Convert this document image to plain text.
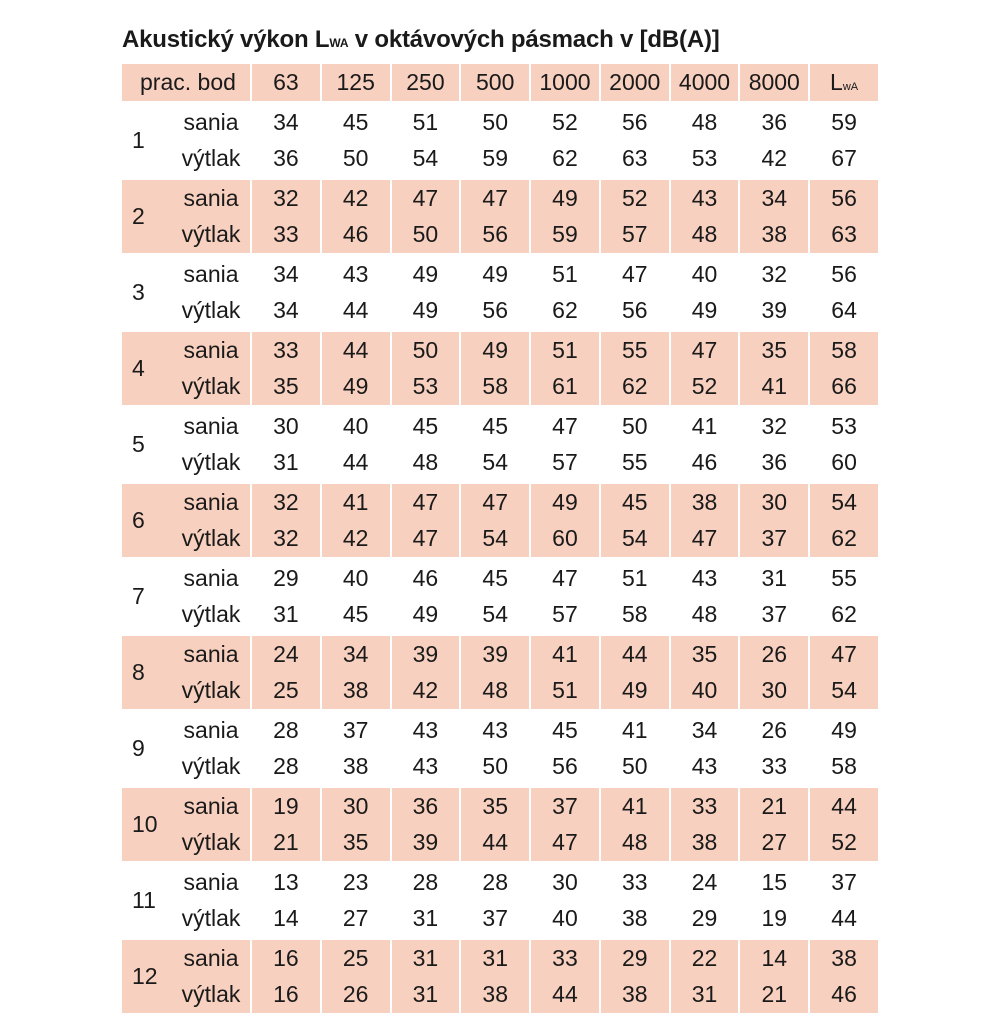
Akustický výkon LWA v oktávových pásmach v [dB(A)]
prac. bod		63	125	250	500	1000	2000	4000	8000	LwA

1	sania	34	45	51	50	52	56	48	36	59
	výtlak	36	50	54	59	62	63	53	42	67

2	sania	32	42	47	47	49	52	43	34	56
	výtlak	33	46	50	56	59	57	48	38	63

3	sania	34	43	49	49	51	47	40	32	56
	výtlak	34	44	49	56	62	56	49	39	64

4	sania	33	44	50	49	51	55	47	35	58
	výtlak	35	49	53	58	61	62	52	41	66

5	sania	30	40	45	45	47	50	41	32	53
	výtlak	31	44	48	54	57	55	46	36	60

6	sania	32	41	47	47	49	45	38	30	54
	výtlak	32	42	47	54	60	54	47	37	62

7	sania	29	40	46	45	47	51	43	31	55
	výtlak	31	45	49	54	57	58	48	37	62

8	sania	24	34	39	39	41	44	35	26	47
	výtlak	25	38	42	48	51	49	40	30	54

9	sania	28	37	43	43	45	41	34	26	49
	výtlak	28	38	43	50	56	50	43	33	58

10	sania	19	30	36	35	37	41	33	21	44
	výtlak	21	35	39	44	47	48	38	27	52

11	sania	13	23	28	28	30	33	24	15	37
	výtlak	14	27	31	37	40	38	29	19	44

12	sania	16	25	31	31	33	29	22	14	38
	výtlak	16	26	31	38	44	38	31	21	46
